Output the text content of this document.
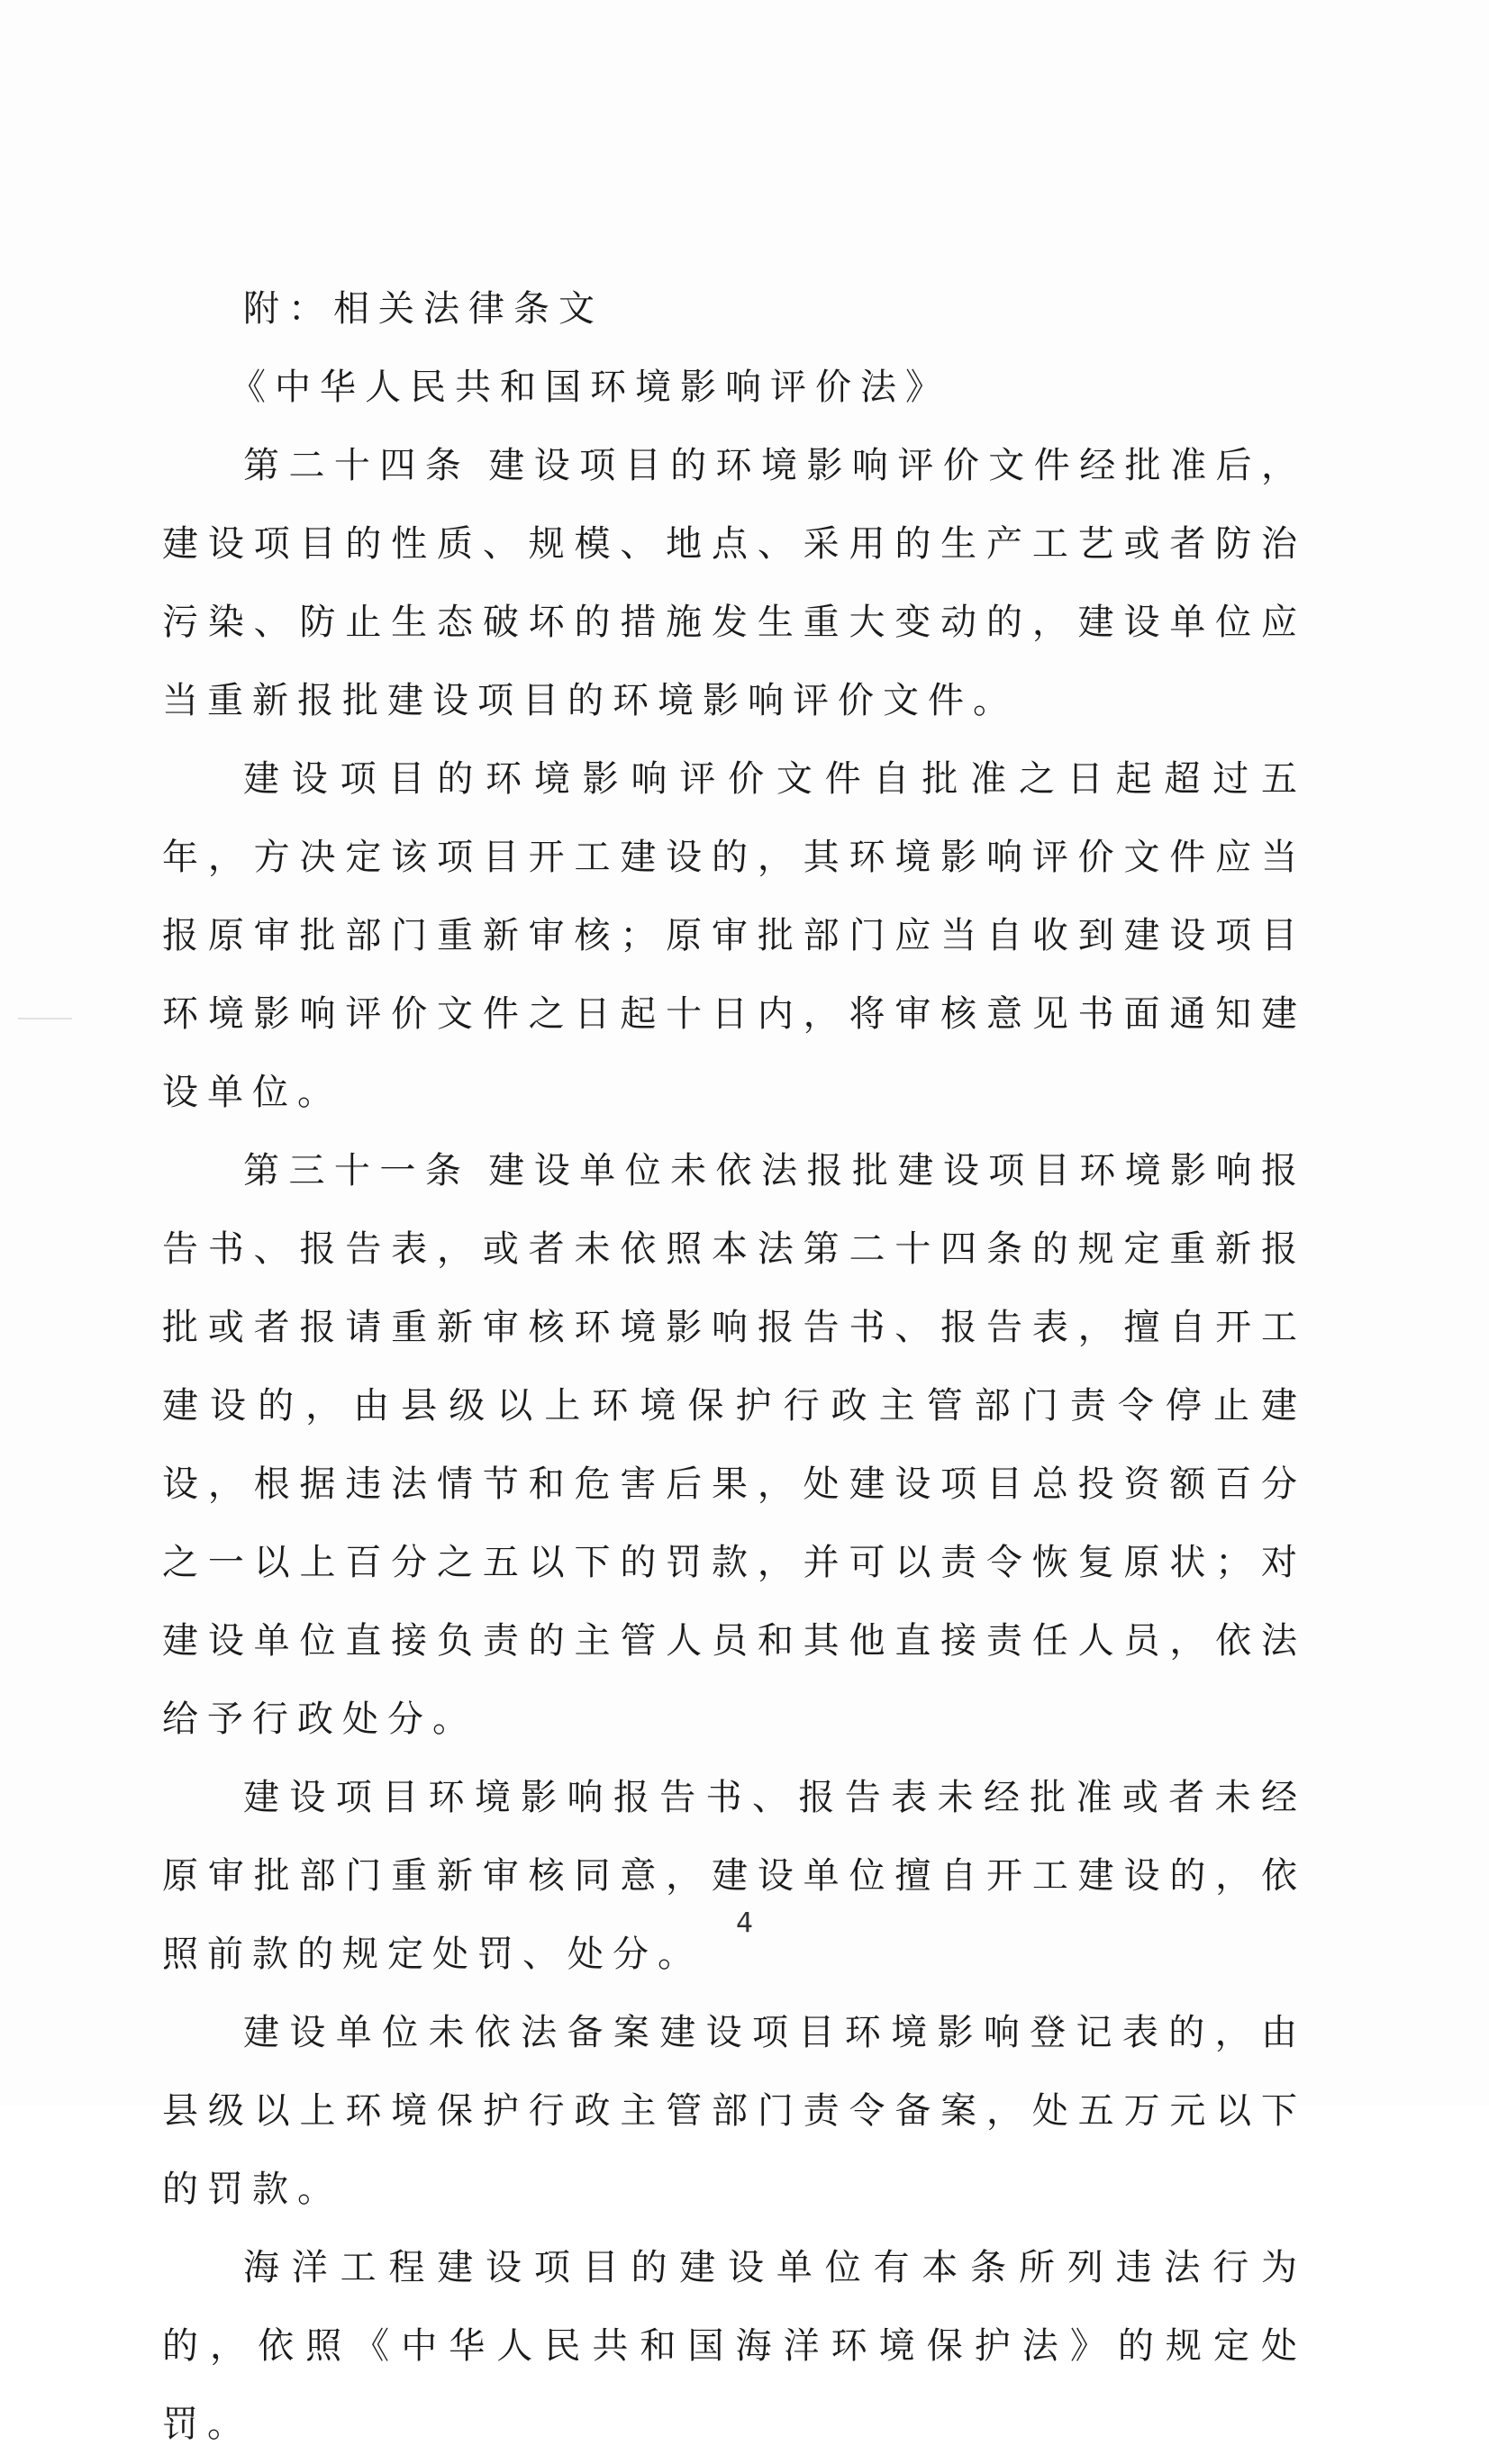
附：相关法律条文

《中华人民共和国环境影响评价法》

第二十四条 建设项目的环境影响评价文件经批准后，建设项目的性质、规模、地点、采用的生产工艺或者防治污染、防止生态破坏的措施发生重大变动的，建设单位应当重新报批建设项目的环境影响评价文件。

建设项目的环境影响评价文件自批准之日起超过五年，方决定该项目开工建设的，其环境影响评价文件应当报原审批部门重新审核；原审批部门应当自收到建设项目环境影响评价文件之日起十日内，将审核意见书面通知建设单位。

第三十一条 建设单位未依法报批建设项目环境影响报告书、报告表，或者未依照本法第二十四条的规定重新报批或者报请重新审核环境影响报告书、报告表，擅自开工建设的，由县级以上环境保护行政主管部门责令停止建设，根据违法情节和危害后果，处建设项目总投资额百分之一以上百分之五以下的罚款，并可以责令恢复原状；对建设单位直接负责的主管人员和其他直接责任人员，依法给予行政处分。

建设项目环境影响报告书、报告表未经批准或者未经原审批部门重新审核同意，建设单位擅自开工建设的，依照前款的规定处罚、处分。

建设单位未依法备案建设项目环境影响登记表的，由县级以上环境保护行政主管部门责令备案，处五万元以下的罚款。

海洋工程建设项目的建设单位有本条所列违法行为的，依照《中华人民共和国海洋环境保护法》的规定处罚。

4
